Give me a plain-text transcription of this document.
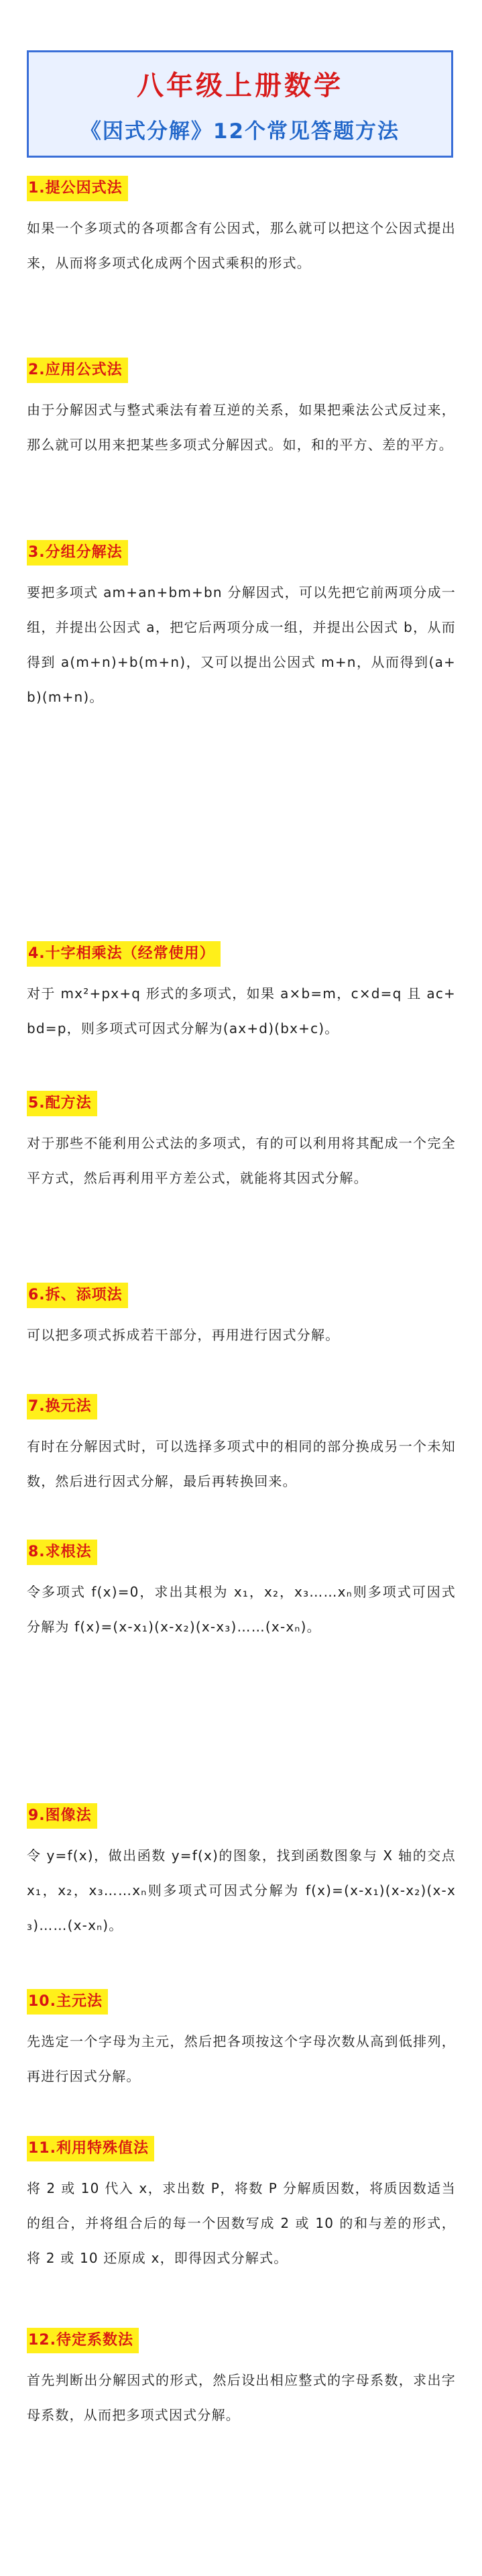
八年级上册数学
《因式分解》12个常见答题方法
1.提公因式法
如果一个多项式的各项都含有公因式，那么就可以把这个公因式提出来，从而将多项式化成两个因式乘积的形式。
2.应用公式法
由于分解因式与整式乘法有着互逆的关系，如果把乘法公式反过来，那么就可以用来把某些多项式分解因式。如，和的平方、差的平方。
3.分组分解法
要把多项式 am+an+bm+bn 分解因式，可以先把它前两项分成一组，并提出公因式 a，把它后两项分成一组，并提出公因式 b，从而得到 a(m+n)+b(m+n)，又可以提出公因式 m+n，从而得到(a+b)(m+n)。
4.十字相乘法（经常使用）
对于 mx²+px+q 形式的多项式，如果 a×b=m，c×d=q 且 ac+bd=p，则多项式可因式分解为(ax+d)(bx+c)。
5.配方法
对于那些不能利用公式法的多项式，有的可以利用将其配成一个完全平方式，然后再利用平方差公式，就能将其因式分解。
6.拆、添项法
可以把多项式拆成若干部分，再用进行因式分解。
7.换元法
有时在分解因式时，可以选择多项式中的相同的部分换成另一个未知数，然后进行因式分解，最后再转换回来。
8.求根法
令多项式 f(x)=0，求出其根为 x₁，x₂，x₃……xₙ则多项式可因式分解为 f(x)=(x-x₁)(x-x₂)(x-x₃)……(x-xₙ)。
9.图像法
令 y=f(x)，做出函数 y=f(x)的图象，找到函数图象与 X 轴的交点 x₁，x₂，x₃……xₙ则多项式可因式分解为 f(x)=(x-x₁)(x-x₂)(x-x₃)……(x-xₙ)。
10.主元法
先选定一个字母为主元，然后把各项按这个字母次数从高到低排列，再进行因式分解。
11.利用特殊值法
将 2 或 10 代入 x，求出数 P，将数 P 分解质因数，将质因数适当的组合，并将组合后的每一个因数写成 2 或 10 的和与差的形式，将 2 或 10 还原成 x，即得因式分解式。
12.待定系数法
首先判断出分解因式的形式，然后设出相应整式的字母系数，求出字母系数，从而把多项式因式分解。
